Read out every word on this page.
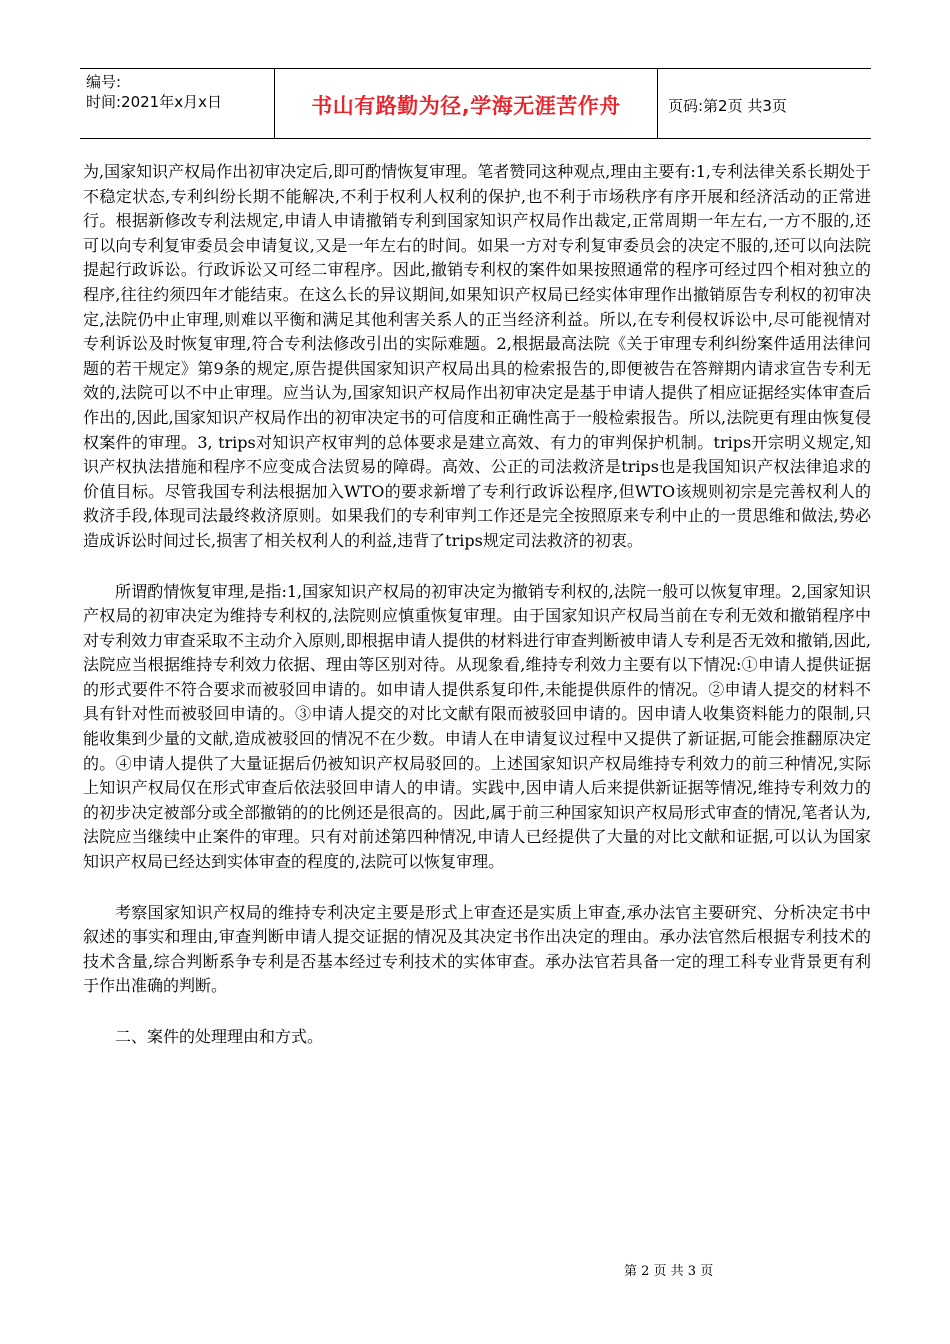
编号:
时间:2021年x月x日	书山有路勤为径,学海无涯苦作舟	页码:第2页 共3页

为,国家知识产权局作出初审决定后,即可酌情恢复审理。笔者赞同这种观点,理由主要有:1,专利法律关系长期处于不稳定状态,专利纠纷长期不能解决,不利于权利人权利的保护,也不利于市场秩序有序开展和经济活动的正常进行。根据新修改专利法规定,申请人申请撤销专利到国家知识产权局作出裁定,正常周期一年左右,一方不服的,还可以向专利复审委员会申请复议,又是一年左右的时间。如果一方对专利复审委员会的决定不服的,还可以向法院提起行政诉讼。行政诉讼又可经二审程序。因此,撤销专利权的案件如果按照通常的程序可经过四个相对独立的程序,往往约须四年才能结束。在这么长的异议期间,如果知识产权局已经实体审理作出撤销原告专利权的初审决定,法院仍中止审理,则难以平衡和满足其他利害关系人的正当经济利益。所以,在专利侵权诉讼中,尽可能视情对专利诉讼及时恢复审理,符合专利法修改引出的实际难题。2,根据最高法院《关于审理专利纠纷案件适用法律问题的若干规定》第9条的规定,原告提供国家知识产权局出具的检索报告的,即便被告在答辩期内请求宣告专利无效的,法院可以不中止审理。应当认为,国家知识产权局作出初审决定是基于申请人提供了相应证据经实体审查后作出的,因此,国家知识产权局作出的初审决定书的可信度和正确性高于一般检索报告。所以,法院更有理由恢复侵权案件的审理。3, trips对知识产权审判的总体要求是建立高效、有力的审判保护机制。trips开宗明义规定,知识产权执法措施和程序不应变成合法贸易的障碍。高效、公正的司法救济是trips也是我国知识产权法律追求的价值目标。尽管我国专利法根据加入WTO的要求新增了专利行政诉讼程序,但WTO该规则初宗是完善权利人的救济手段,体现司法最终救济原则。如果我们的专利审判工作还是完全按照原来专利中止的一贯思维和做法,势必造成诉讼时间过长,损害了相关权利人的利益,违背了trips规定司法救济的初衷。

所谓酌情恢复审理,是指:1,国家知识产权局的初审决定为撤销专利权的,法院一般可以恢复审理。2,国家知识产权局的初审决定为维持专利权的,法院则应慎重恢复审理。由于国家知识产权局当前在专利无效和撤销程序中对专利效力审查采取不主动介入原则,即根据申请人提供的材料进行审查判断被申请人专利是否无效和撤销,因此,法院应当根据维持专利效力依据、理由等区别对待。从现象看,维持专利效力主要有以下情况:①申请人提供证据的形式要件不符合要求而被驳回申请的。如申请人提供系复印件,未能提供原件的情况。②申请人提交的材料不具有针对性而被驳回申请的。③申请人提交的对比文献有限而被驳回申请的。因申请人收集资料能力的限制,只能收集到少量的文献,造成被驳回的情况不在少数。申请人在申请复议过程中又提供了新证据,可能会推翻原决定的。④申请人提供了大量证据后仍被知识产权局驳回的。上述国家知识产权局维持专利效力的前三种情况,实际上知识产权局仅在形式审查后依法驳回申请人的申请。实践中,因申请人后来提供新证据等情况,维持专利效力的的初步决定被部分或全部撤销的的比例还是很高的。因此,属于前三种国家知识产权局形式审查的情况,笔者认为,法院应当继续中止案件的审理。只有对前述第四种情况,申请人已经提供了大量的对比文献和证据,可以认为国家知识产权局已经达到实体审查的程度的,法院可以恢复审理。

考察国家知识产权局的维持专利决定主要是形式上审查还是实质上审查,承办法官主要研究、分析决定书中叙述的事实和理由,审查判断申请人提交证据的情况及其决定书作出决定的理由。承办法官然后根据专利技术的技术含量,综合判断系争专利是否基本经过专利技术的实体审查。承办法官若具备一定的理工科专业背景更有利于作出准确的判断。

二、案件的处理理由和方式。

第 2 页 共 3 页
